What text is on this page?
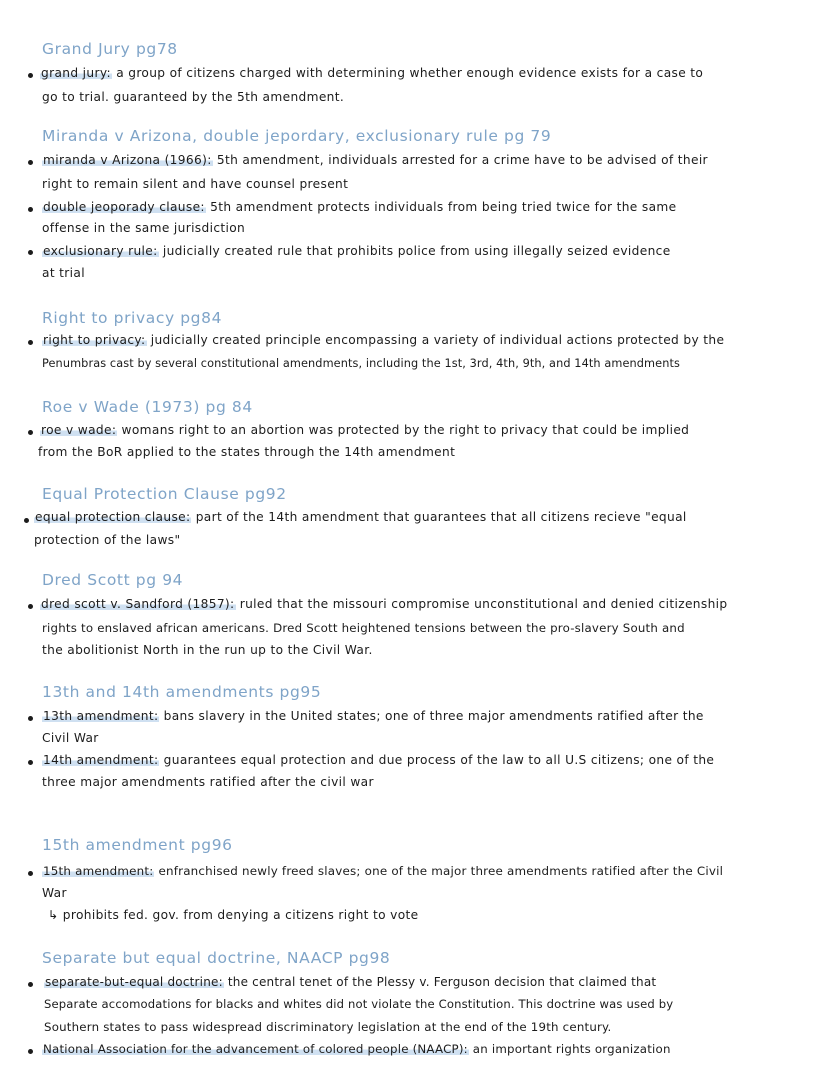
Grand Jury pg78
grand jury: a group of citizens charged with determining whether enough evidence exists for a case to
go to trial. guaranteed by the 5th amendment.
Miranda v Arizona, double jepordary, exclusionary rule pg 79
miranda v Arizona (1966): 5th amendment, individuals arrested for a crime have to be advised of their
right to remain silent and have counsel present
double jeoporady clause: 5th amendment protects individuals from being tried twice for the same
offense in the same jurisdiction
exclusionary rule: judicially created rule that prohibits police from using illegally seized evidence
at trial
Right to privacy pg84
right to privacy: judicially created principle encompassing a variety of individual actions protected by the
Penumbras cast by several constitutional amendments, including the 1st, 3rd, 4th, 9th, and 14th amendments
Roe v Wade (1973) pg 84
roe v wade: womans right to an abortion was protected by the right to privacy that could be implied
from the BoR applied to the states through the 14th amendment
Equal Protection Clause pg92
equal protection clause: part of the 14th amendment that guarantees that all citizens recieve "equal
protection of the laws"
Dred Scott pg 94
dred scott v. Sandford (1857): ruled that the missouri compromise unconstitutional and denied citizenship
rights to enslaved african americans. Dred Scott heightened tensions between the pro-slavery South and
the abolitionist North in the run up to the Civil War.
13th and 14th amendments pg95
13th amendment: bans slavery in the United states; one of three major amendments ratified after the
Civil War
14th amendment: guarantees equal protection and due process of the law to all U.S citizens; one of the
three major amendments ratified after the civil war
15th amendment pg96
15th amendment: enfranchised newly freed slaves; one of the major three amendments ratified after the Civil
War
↳ prohibits fed. gov. from denying a citizens right to vote
Separate but equal doctrine, NAACP pg98
separate-but-equal doctrine: the central tenet of the Plessy v. Ferguson decision that claimed that
Separate accomodations for blacks and whites did not violate the Constitution. This doctrine was used by
Southern states to pass widespread discriminatory legislation at the end of the 19th century.
National Association for the advancement of colored people (NAACP): an important rights organization
